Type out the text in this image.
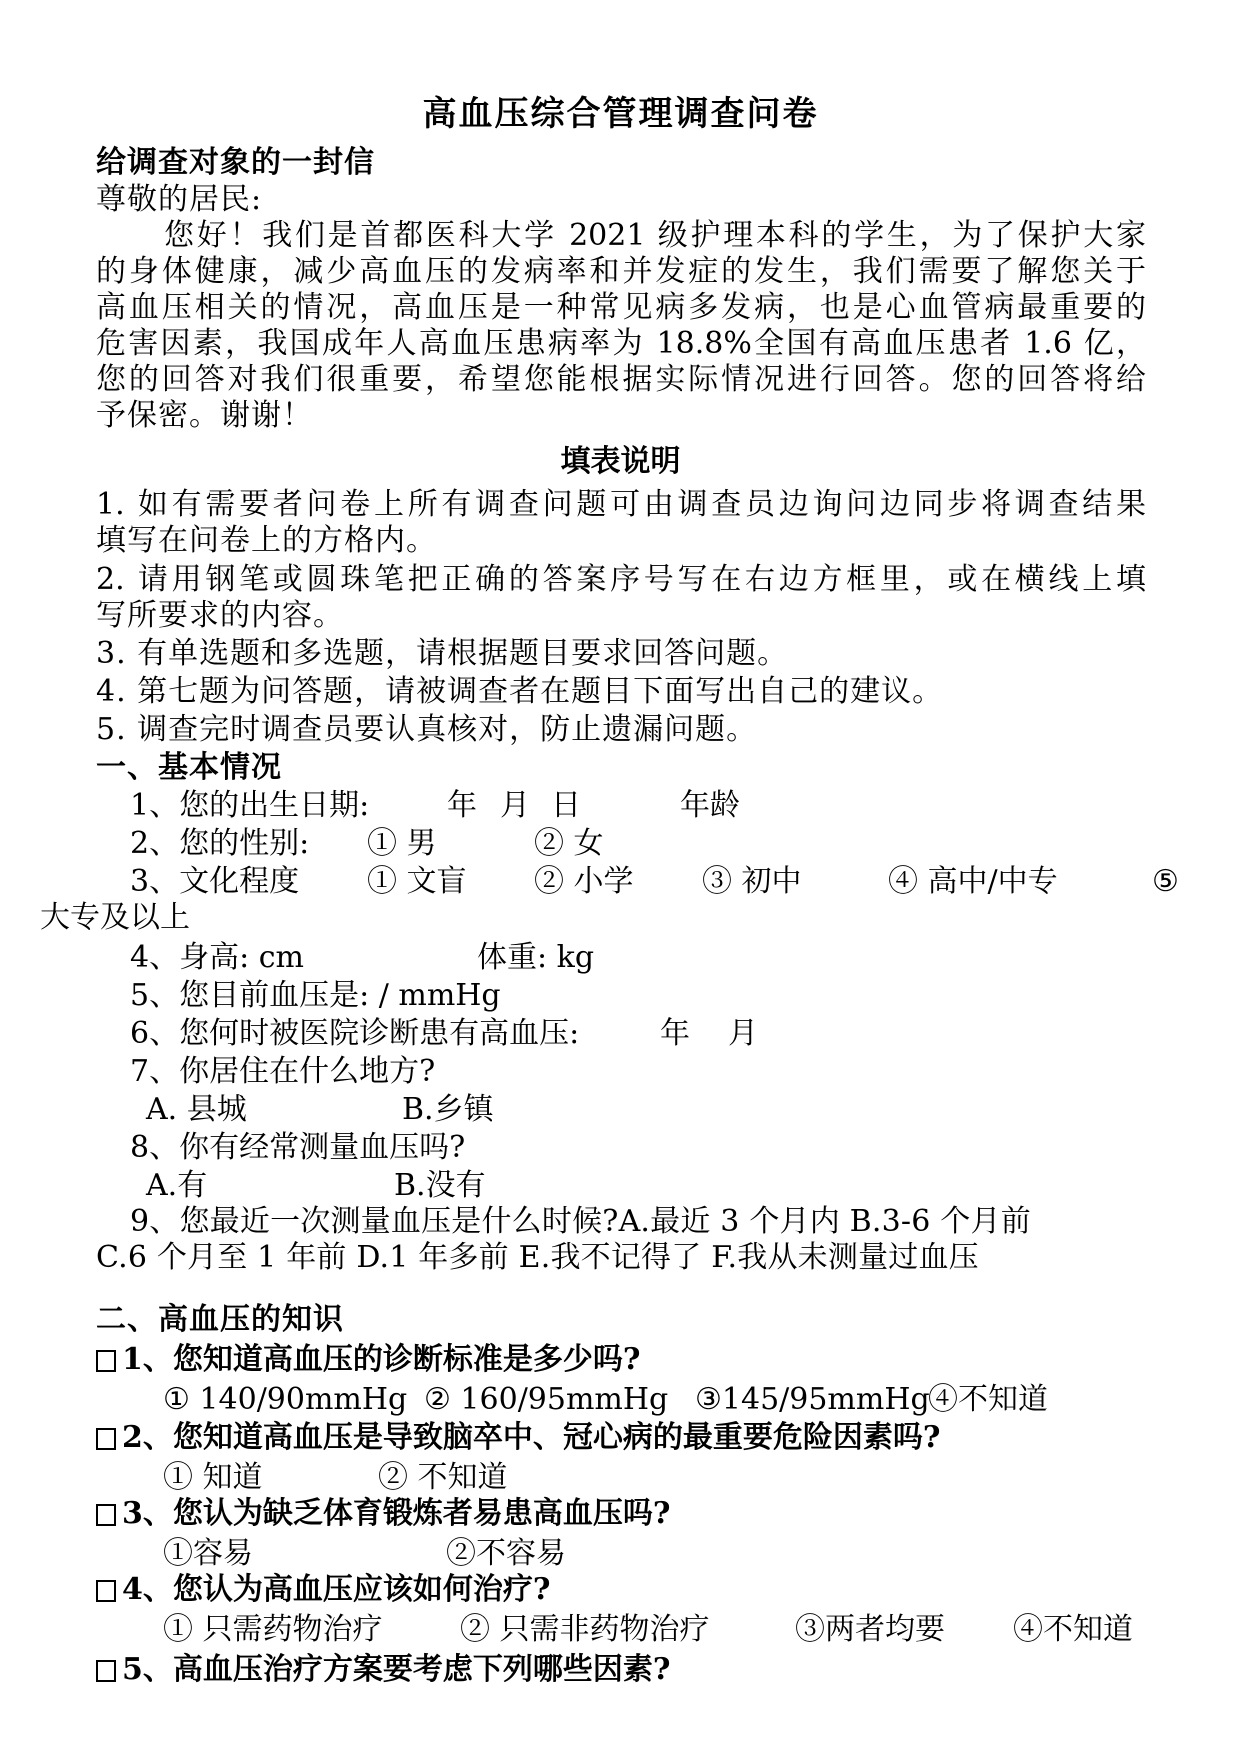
高血压综合管理调查问卷
给调查对象的一封信
尊敬的居民:
您好！我们是首都医科大学 2021 级护理本科的学生，为了保护大家
的身体健康，减少高血压的发病率和并发症的发生，我们需要了解您关于
高血压相关的情况，高血压是一种常见病多发病，也是心血管病最重要的
危害因素，我国成年人高血压患病率为 18.8%全国有高血压患者 1.6 亿，
您的回答对我们很重要，希望您能根据实际情况进行回答。您的回答将给
予保密。谢谢！
填表说明
1. 如有需要者问卷上所有调查问题可由调查员边询问边同步将调查结果
填写在问卷上的方格内。
2. 请用钢笔或圆珠笔把正确的答案序号写在右边方框里，或在横线上填
写所要求的内容。
3. 有单选题和多选题，请根据题目要求回答问题。
4. 第七题为问答题，请被调查者在题目下面写出自己的建议。
5. 调查完时调查员要认真核对，防止遗漏问题。
一、基本情况
1、您的出生日期:	年 月 日	年龄
2、您的性别: ① 男	② 女
3、文化程度 ① 文盲 ② 小学 ③ 初中	④ 高中/中专	⑤
大专及以上
4、身高: cm	体重: kg
5、您目前血压是: / mmHg
6、您何时被医院诊断患有高血压:	年 月
7、你居住在什么地方?
A. 县城	B.乡镇
8、你有经常测量血压吗?
A.有	B.没有
9、您最近一次测量血压是什么时候?A.最近 3 个月内 B.3-6 个月前
C.6 个月至 1 年前 D.1 年多前 E.我不记得了 F.我从未测量过血压
二、高血压的知识
1、您知道高血压的诊断标准是多少吗?
① 140/90mmHg ② 160/95mmHg ③145/95mmHg
④不知道
2、您知道高血压是导致脑卒中、冠心病的最重要危险因素吗?
① 知道	② 不知道
3、您认为缺乏体育锻炼者易患高血压吗?
①容易	②不容易
4、您认为高血压应该如何治疗?
① 只需药物治疗	② 只需非药物治疗	③两者均要 ④不知道
5、高血压治疗方案要考虑下列哪些因素?
